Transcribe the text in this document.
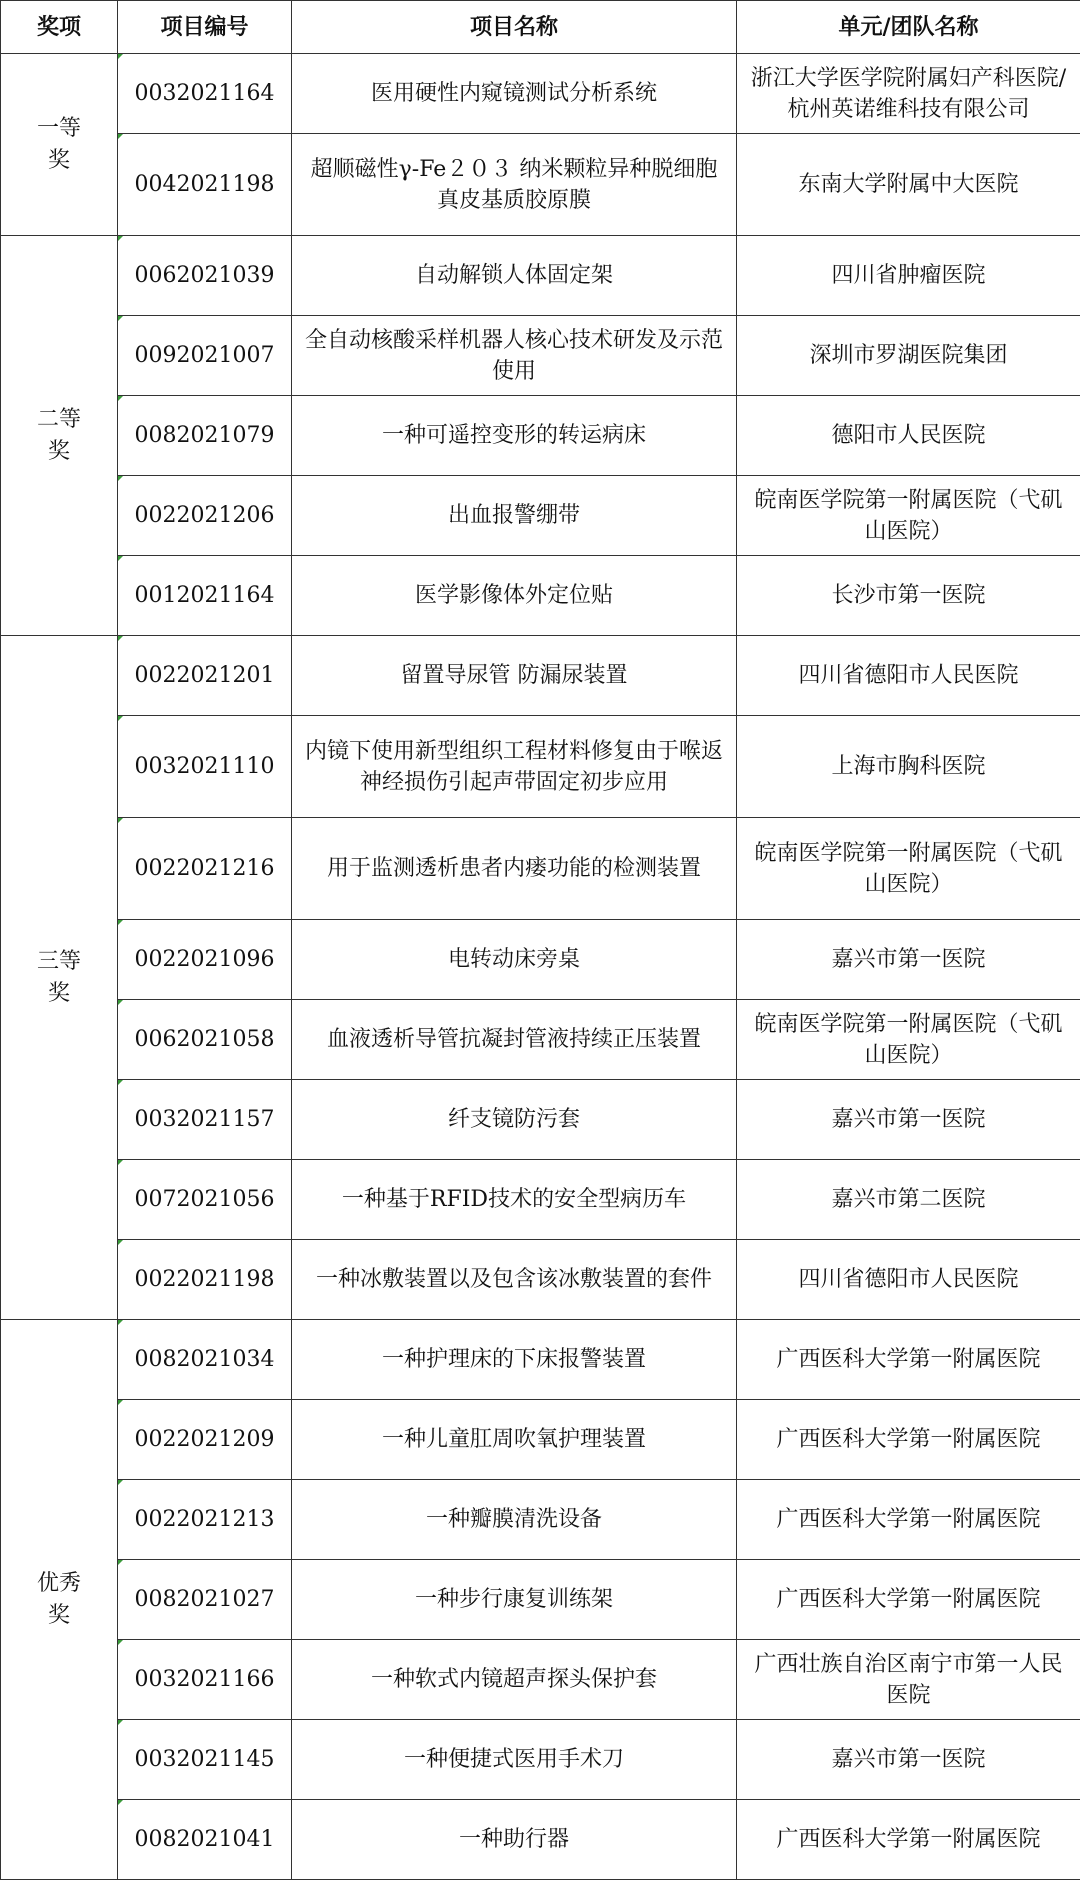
奖项	项目编号	项目名称	单元/团队名称
一等奖	0032021164	医用硬性内窥镜测试分析系统	浙江大学医学院附属妇产科医院/杭州英诺维科技有限公司
	0042021198	超顺磁性γ-Fe２０３ 纳米颗粒异种脱细胞真皮基质胶原膜	东南大学附属中大医院
二等奖	0062021039	自动解锁人体固定架	四川省肿瘤医院
	0092021007	全自动核酸采样机器人核心技术研发及示范使用	深圳市罗湖医院集团
	0082021079	一种可遥控变形的转运病床	德阳市人民医院
	0022021206	出血报警绷带	皖南医学院第一附属医院（弋矶山医院）
	0012021164	医学影像体外定位贴	长沙市第一医院
三等奖	0022021201	留置导尿管 防漏尿装置	四川省德阳市人民医院
	0032021110	内镜下使用新型组织工程材料修复由于喉返神经损伤引起声带固定初步应用	上海市胸科医院
	0022021216	用于监测透析患者内瘘功能的检测装置	皖南医学院第一附属医院（弋矶山医院）
	0022021096	电转动床旁桌	嘉兴市第一医院
	0062021058	血液透析导管抗凝封管液持续正压装置	皖南医学院第一附属医院（弋矶山医院）
	0032021157	纤支镜防污套	嘉兴市第一医院
	0072021056	一种基于RFID技术的安全型病历车	嘉兴市第二医院
	0022021198	一种冰敷装置以及包含该冰敷装置的套件	四川省德阳市人民医院
优秀奖	0082021034	一种护理床的下床报警装置	广西医科大学第一附属医院
	0022021209	一种儿童肛周吹氧护理装置	广西医科大学第一附属医院
	0022021213	一种瓣膜清洗设备	广西医科大学第一附属医院
	0082021027	一种步行康复训练架	广西医科大学第一附属医院
	0032021166	一种软式内镜超声探头保护套	广西壮族自治区南宁市第一人民医院
	0032021145	一种便捷式医用手术刀	嘉兴市第一医院
	0082021041	一种助行器	广西医科大学第一附属医院
